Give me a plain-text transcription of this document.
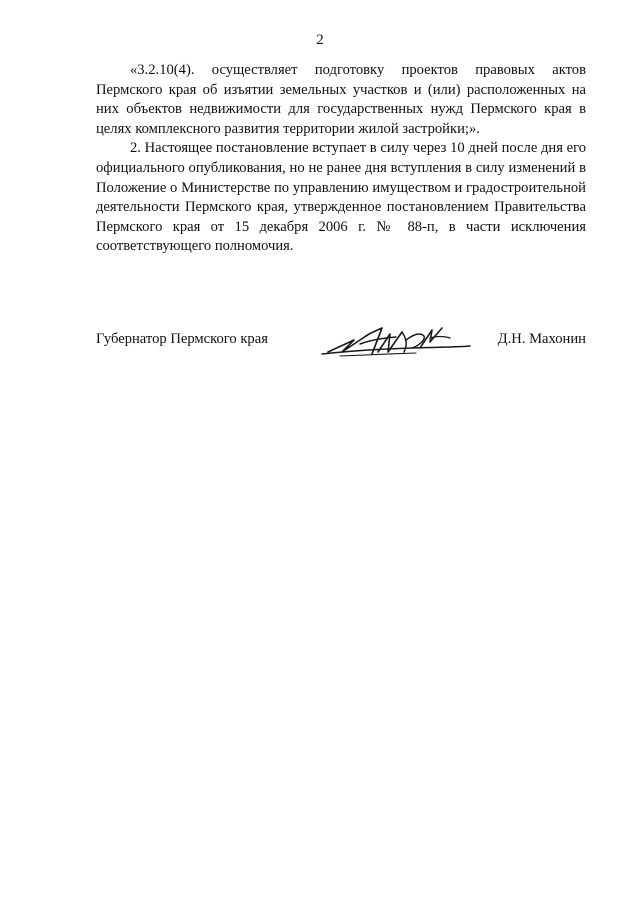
2

«3.2.10(4). осуществляет подготовку проектов правовых актов Пермского края об изъятии земельных участков и (или) расположенных на них объектов недвижимости для государственных нужд Пермского края в целях комплексного развития территории жилой застройки;».

2. Настоящее постановление вступает в силу через 10 дней после дня его официального опубликования, но не ранее дня вступления в силу изменений в Положение о Министерстве по управлению имуществом и градостроительной деятельности Пермского края, утвержденное постановлением Правительства Пермского края от 15 декабря 2006 г. № 88-п, в части исключения соответствующего полномочия.

Губернатор Пермского края	Д.Н. Махонин
